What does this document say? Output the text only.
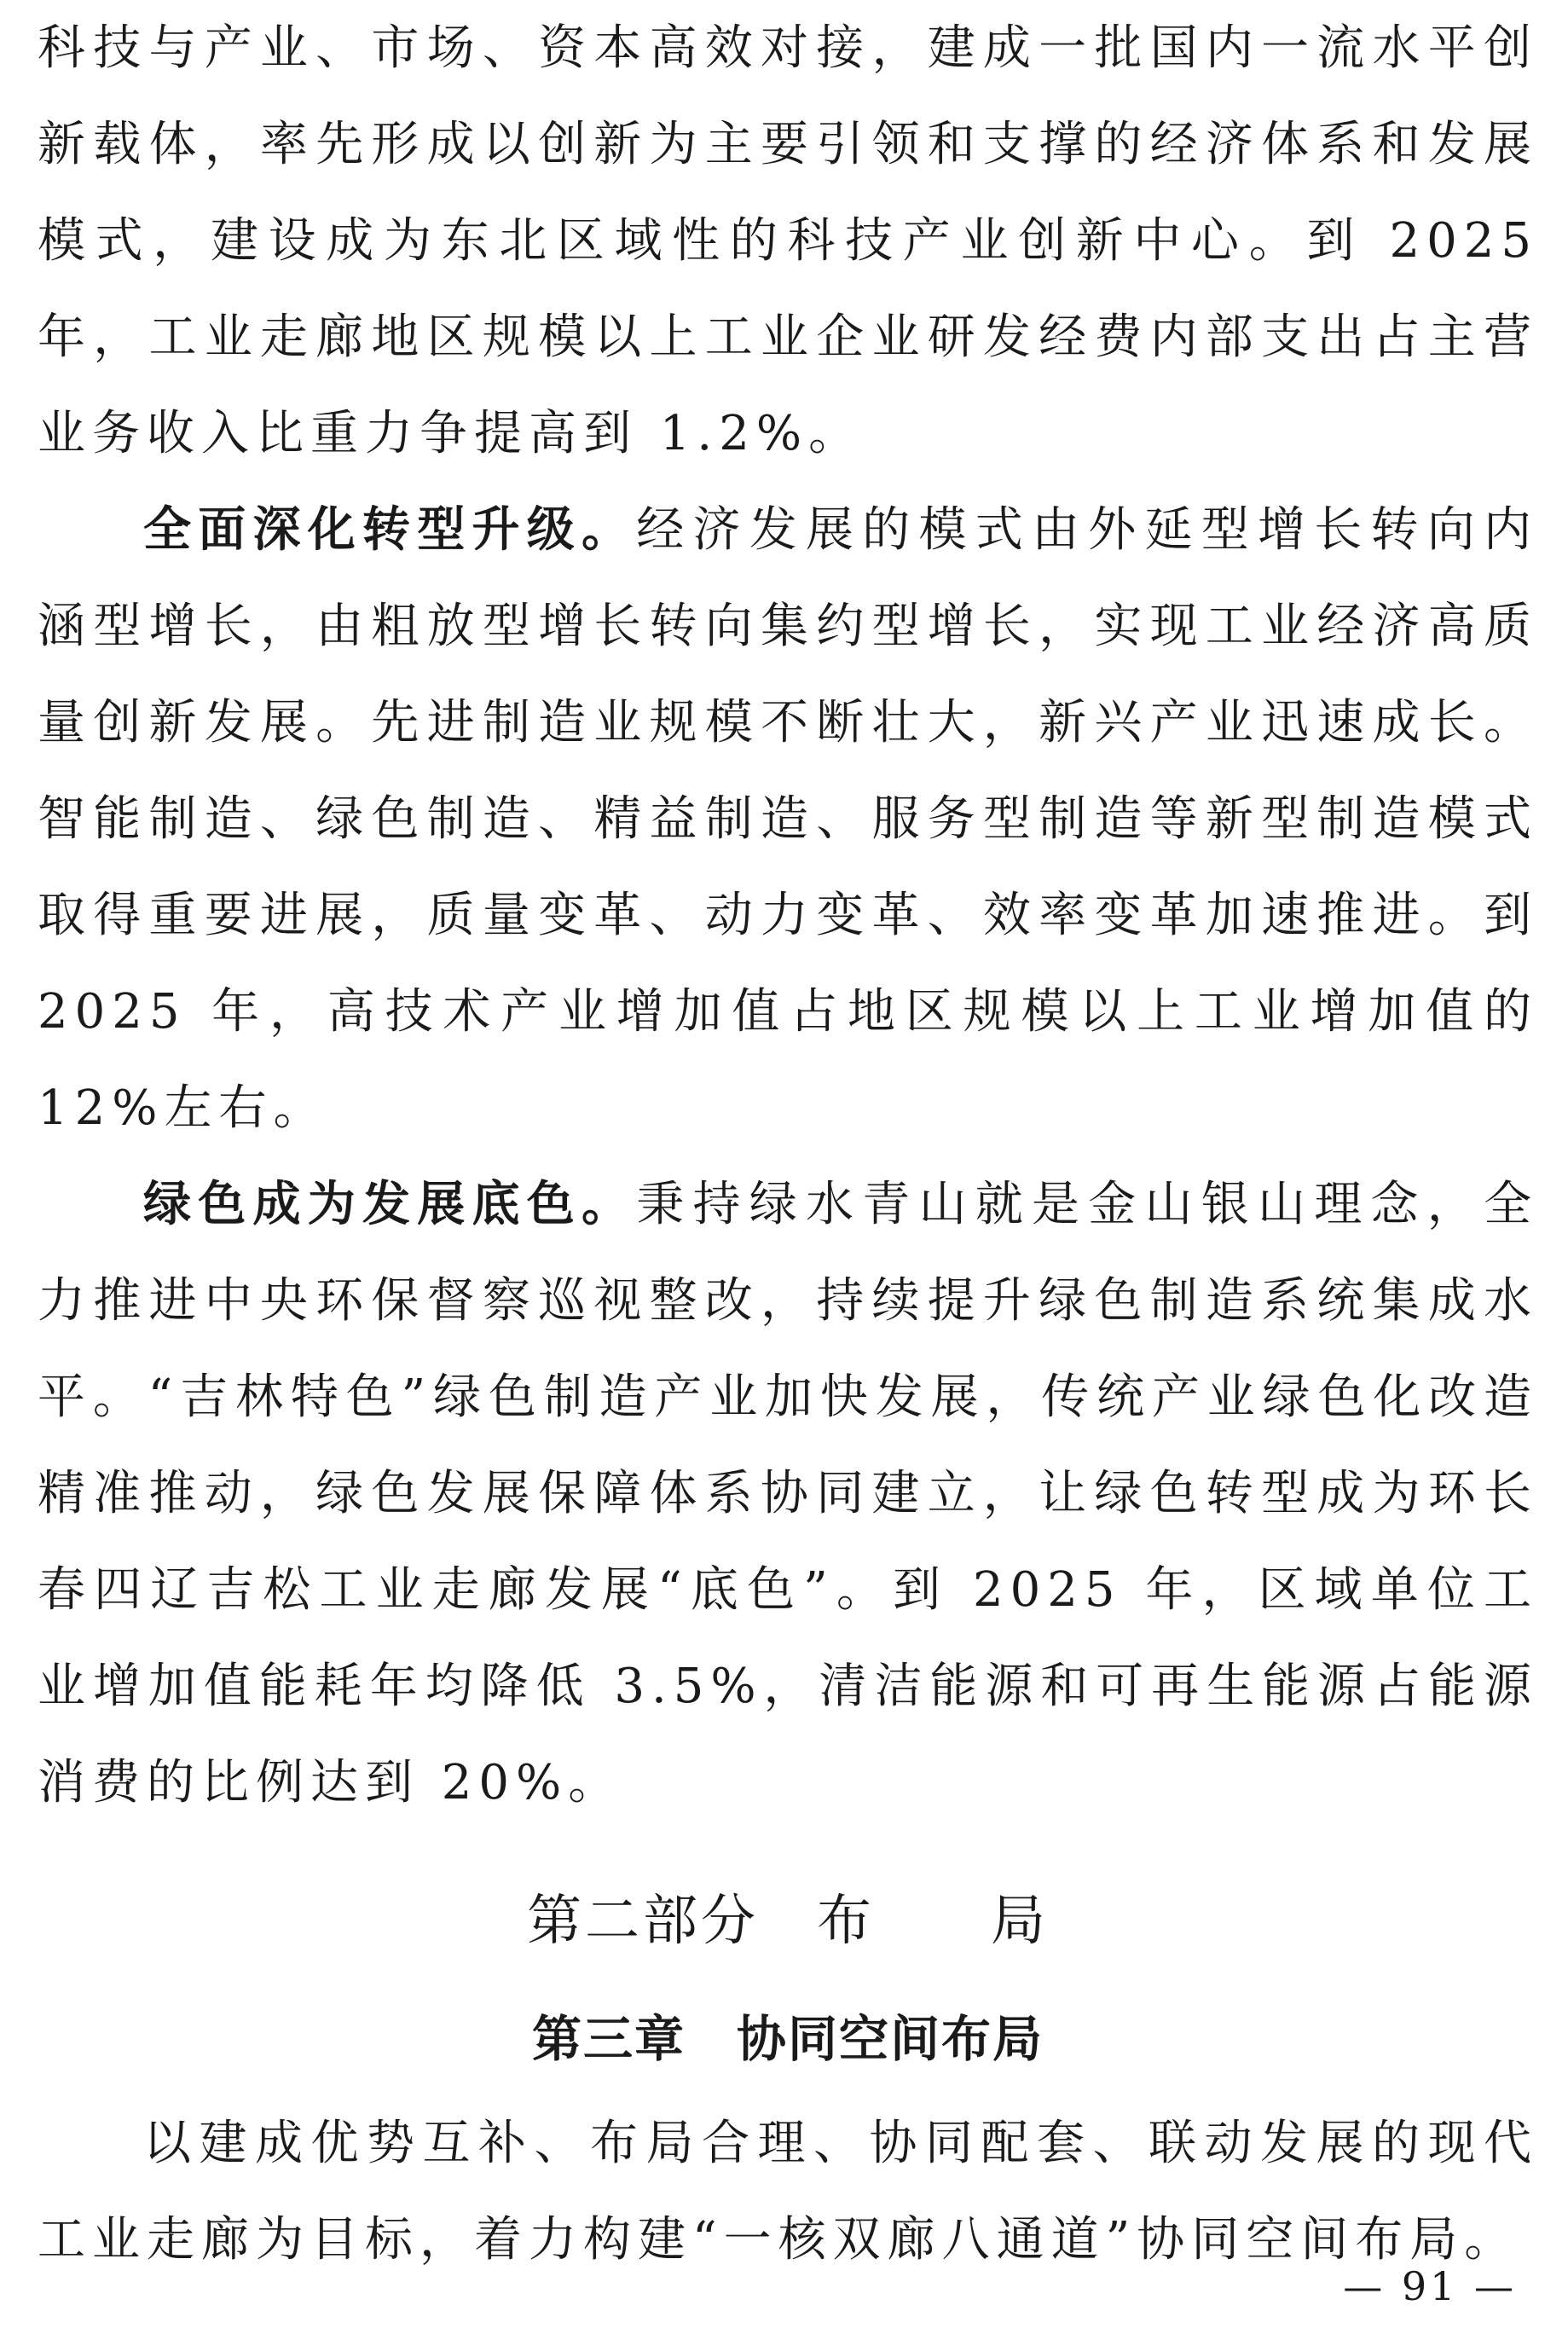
科技与产业、市场、资本高效对接，建成一批国内一流水平创新载体，率先形成以创新为主要引领和支撑的经济体系和发展模式，建设成为东北区域性的科技产业创新中心。到 2025 年，工业走廊地区规模以上工业企业研发经费内部支出占主营业务收入比重力争提高到 1.2%。

全面深化转型升级。经济发展的模式由外延型增长转向内涵型增长，由粗放型增长转向集约型增长，实现工业经济高质量创新发展。先进制造业规模不断壮大，新兴产业迅速成长。智能制造、绿色制造、精益制造、服务型制造等新型制造模式取得重要进展，质量变革、动力变革、效率变革加速推进。到 2025 年，高技术产业增加值占地区规模以上工业增加值的 12%左右。

绿色成为发展底色。秉持绿水青山就是金山银山理念，全力推进中央环保督察巡视整改，持续提升绿色制造系统集成水平。“吉林特色”绿色制造产业加快发展，传统产业绿色化改造精准推动，绿色发展保障体系协同建立，让绿色转型成为环长春四辽吉松工业走廊发展“底色”。到 2025 年，区域单位工业增加值能耗年均降低 3.5%，清洁能源和可再生能源占能源消费的比例达到 20%。

第二部分　布　　局

第三章　协同空间布局

以建成优势互补、布局合理、协同配套、联动发展的现代工业走廊为目标，着力构建“一核双廊八通道”协同空间布局。

— 91 —
